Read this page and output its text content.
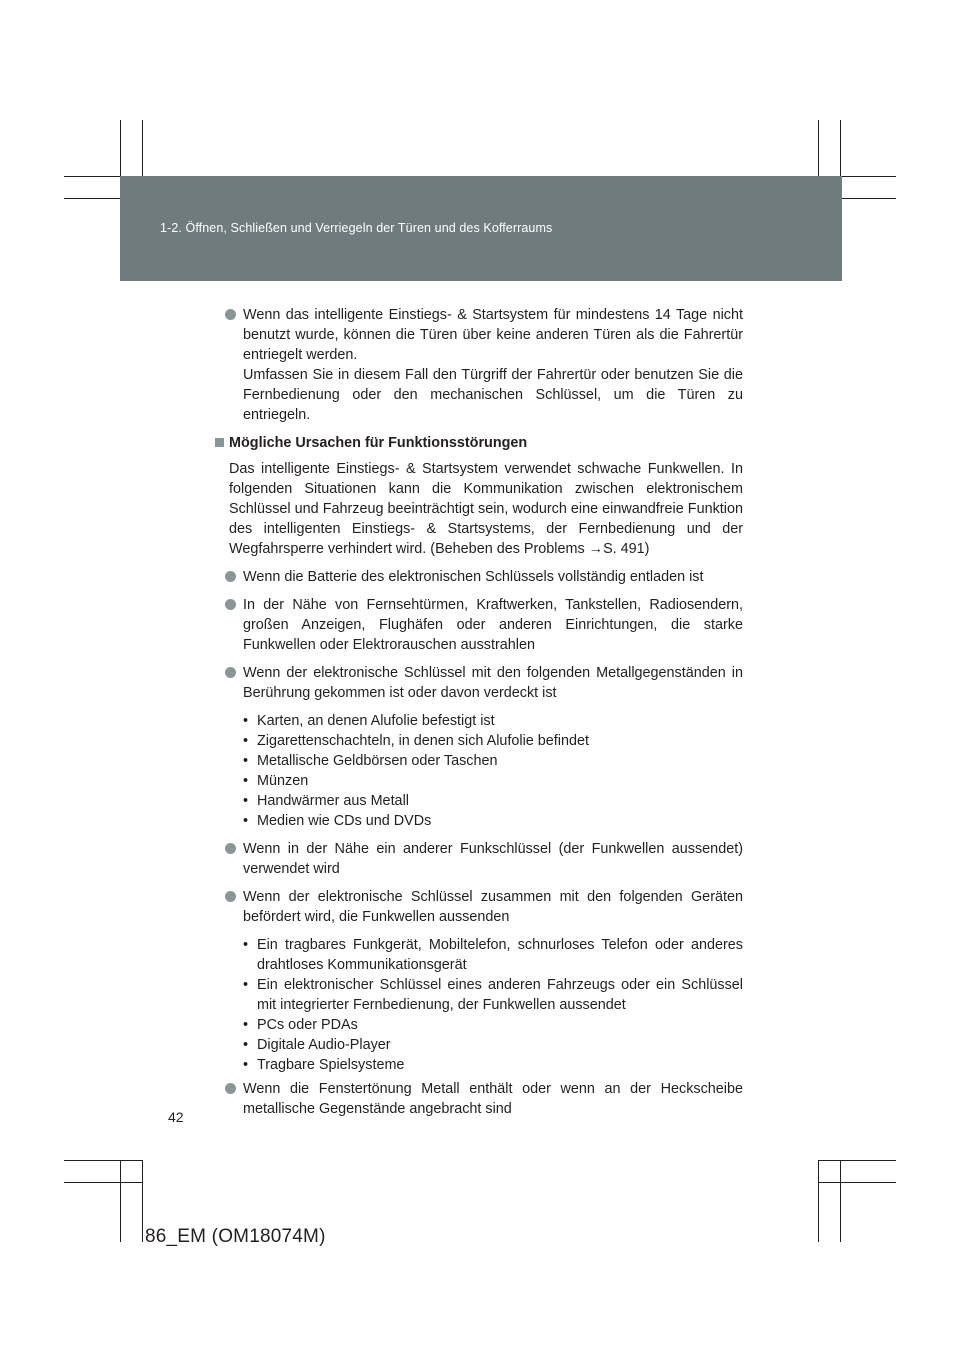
1-2. Öffnen, Schließen und Verriegeln der Türen und des Kofferraums

Wenn das intelligente Einstiegs- & Startsystem für mindestens 14 Tage nicht benutzt wurde, können die Türen über keine anderen Türen als die Fahrertür entriegelt werden.

Umfassen Sie in diesem Fall den Türgriff der Fahrertür oder benutzen Sie die Fernbedienung oder den mechanischen Schlüssel, um die Türen zu entriegeln.

Mögliche Ursachen für Funktionsstörungen

Das intelligente Einstiegs- & Startsystem verwendet schwache Funkwellen. In folgenden Situationen kann die Kommunikation zwischen elektronischem Schlüssel und Fahrzeug beeinträchtigt sein, wodurch eine einwandfreie Funktion des intelligenten Einstiegs- & Startsystems, der Fernbedienung und der Wegfahrsperre verhindert wird. (Beheben des Problems →S. 491)

Wenn die Batterie des elektronischen Schlüssels vollständig entladen ist

In der Nähe von Fernsehtürmen, Kraftwerken, Tankstellen, Radiosendern, großen Anzeigen, Flughäfen oder anderen Einrichtungen, die starke Funkwellen oder Elektrorauschen ausstrahlen

Wenn der elektronische Schlüssel mit den folgenden Metallgegenständen in Berührung gekommen ist oder davon verdeckt ist

• Karten, an denen Alufolie befestigt ist
• Zigarettenschachteln, in denen sich Alufolie befindet
• Metallische Geldbörsen oder Taschen
• Münzen
• Handwärmer aus Metall
• Medien wie CDs und DVDs

Wenn in der Nähe ein anderer Funkschlüssel (der Funkwellen aussendet) verwendet wird

Wenn der elektronische Schlüssel zusammen mit den folgenden Geräten befördert wird, die Funkwellen aussenden

• Ein tragbares Funkgerät, Mobiltelefon, schnurloses Telefon oder anderes drahtloses Kommunikationsgerät
• Ein elektronischer Schlüssel eines anderen Fahrzeugs oder ein Schlüssel mit integrierter Fernbedienung, der Funkwellen aussendet
• PCs oder PDAs
• Digitale Audio-Player
• Tragbare Spielsysteme

Wenn die Fenstertönung Metall enthält oder wenn an der Heckscheibe metallische Gegenstände angebracht sind

42
86_EM (OM18074M)
